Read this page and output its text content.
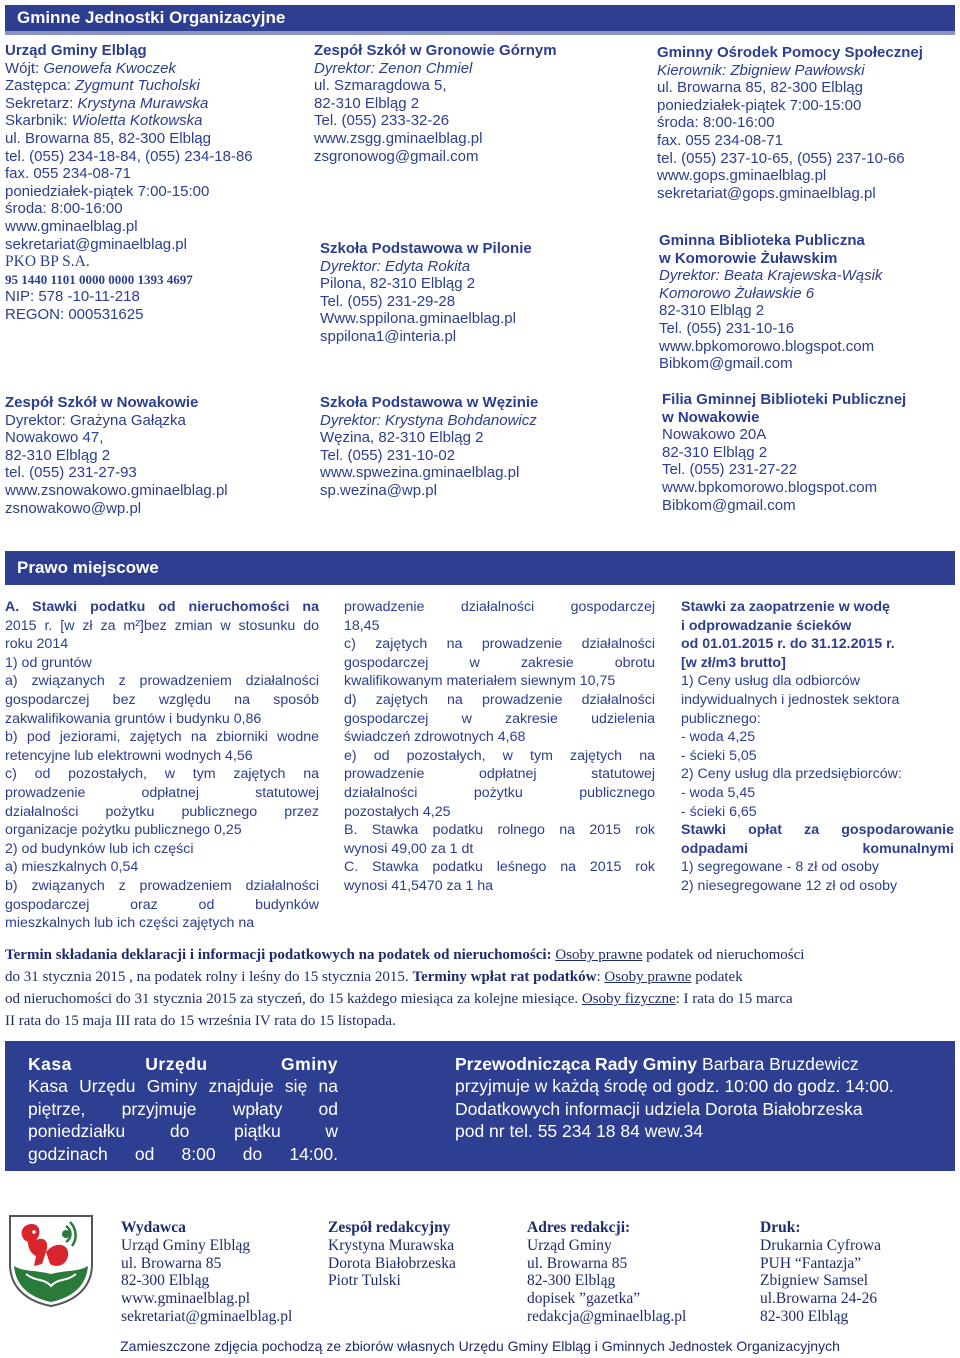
Gminne Jednostki Organizacyjne
Urząd Gminy Elbląg
Wójt: Genowefa Kwoczek
Zastępca: Zygmunt Tucholski
Sekretarz: Krystyna Murawska
Skarbnik: Wioletta Kotkowska
ul. Browarna 85, 82-300 Elbląg
tel. (055) 234-18-84, (055) 234-18-86
fax. 055 234-08-71
poniedziałek-piątek 7:00-15:00
środa: 8:00-16:00
www.gminaelblag.pl
sekretariat@gminaelblag.pl
PKO BP S.A.
95 1440 1101 0000 0000 1393 4697
NIP: 578 -10-11-218
REGON: 000531625
Zespół Szkół w Gronowie Górnym
Dyrektor: Zenon Chmiel
ul. Szmaragdowa 5,
82-310 Elbląg 2
Tel. (055) 233-32-26
www.zsgg.gminaelblag.pl
zsgronowog@gmail.com
Gminny Ośrodek Pomocy Społecznej
Kierownik: Zbigniew Pawłowski
ul. Browarna 85, 82-300 Elbląg
poniedziałek-piątek 7:00-15:00
środa: 8:00-16:00
fax. 055 234-08-71
tel. (055) 237-10-65, (055) 237-10-66
www.gops.gminaelblag.pl
sekretariat@gops.gminaelblag.pl
Szkoła Podstawowa w Pilonie
Dyrektor: Edyta Rokita
Pilona, 82-310 Elbląg 2
Tel. (055) 231-29-28
Www.sppilona.gminaelblag.pl
sppilona1@interia.pl
Gminna Biblioteka Publiczna
w Komorowie Żuławskim
Dyrektor: Beata Krajewska-Wąsik
Komorowo Żuławskie 6
82-310 Elbląg 2
Tel. (055) 231-10-16
www.bpkomorowo.blogspot.com
Bibkom@gmail.com
Zespół Szkół w Nowakowie
Dyrektor: Grażyna Gałązka
Nowakowo 47,
82-310 Elbląg 2
tel. (055) 231-27-93
www.zsnowakowo.gminaelblag.pl
zsnowakowo@wp.pl
Szkoła Podstawowa w Węzinie
Dyrektor: Krystyna Bohdanowicz
Węzina, 82-310 Elbląg 2
Tel. (055) 231-10-02
www.spwezina.gminaelblag.pl
sp.wezina@wp.pl
Filia Gminnej Biblioteki Publicznej
w Nowakowie
Nowakowo 20A
82-310 Elbląg 2
Tel. (055) 231-27-22
www.bpkomorowo.blogspot.com
Bibkom@gmail.com
Prawo miejscowe
A. Stawki podatku od nieruchomości na
2015 r. [w zł za m²]bez zmian w stosunku do
roku 2014
1) od gruntów
a) związanych z prowadzeniem działalności
gospodarczej bez względu na sposób
zakwalifikowania gruntów i budynku 0,86
b) pod jeziorami, zajętych na zbiorniki wodne
retencyjne lub elektrowni wodnych 4,56
c) od pozostałych, w tym zajętych na
prowadzenie odpłatnej statutowej
działalności pożytku publicznego przez
organizacje pożytku publicznego 0,25
2) od budynków lub ich części
a) mieszkalnych 0,54
b) związanych z prowadzeniem działalności
gospodarczej oraz od budynków
mieszkalnych lub ich części zajętych na
prowadzenie działalności gospodarczej
18,45
c) zajętych na prowadzenie działalności
gospodarczej w zakresie obrotu
kwalifikowanym materiałem siewnym 10,75
d) zajętych na prowadzenie działalności
gospodarczej w zakresie udzielenia
świadczeń zdrowotnych 4,68
e) od pozostałych, w tym zajętych na
prowadzenie odpłatnej statutowej
działalności pożytku publicznego
pozostałych 4,25
B. Stawka podatku rolnego na 2015 rok
wynosi 49,00 za 1 dt
C. Stawka podatku leśnego na 2015 rok
wynosi 41,5470 za 1 ha
Stawki za zaopatrzenie w wodę
i odprowadzanie ścieków
od 01.01.2015 r. do 31.12.2015 r.
[w zł/m3 brutto]
1) Ceny usług dla odbiorców
indywidualnych i jednostek sektora
publicznego:
- woda 4,25
- ścieki 5,05
2) Ceny usług dla przedsiębiorców:
- woda 5,45
- ścieki 6,65
Stawki opłat za gospodarowanie
odpadami komunalnymi
1) segregowane - 8 zł od osoby
2) niesegregowane 12 zł od osoby
Termin składania deklaracji i informacji podatkowych na podatek od nieruchomości: Osoby prawne podatek od nieruchomości
do 31 stycznia 2015 , na podatek rolny i leśny do 15 stycznia 2015. Terminy wpłat rat podatków: Osoby prawne podatek
od nieruchomości do 31 stycznia 2015 za styczeń, do 15 każdego miesiąca za kolejne miesiące. Osoby fizyczne: I rata do 15 marca
II rata do 15 maja III rata do 15 września IV rata do 15 listopada.
Kasa Urzędu Gminy
Kasa Urzędu Gminy znajduje się na
piętrze, przyjmuje wpłaty od
poniedziałku do piątku w
godzinach od 8:00 do 14:00.
Przewodnicząca Rady Gminy Barbara Bruzdewicz
przyjmuje w każdą środę od godz. 10:00 do godz. 14:00.
Dodatkowych informacji udziela Dorota Białobrzeska
pod nr tel. 55 234 18 84 wew.34
Wydawca
Urząd Gminy Elbląg
ul. Browarna 85
82-300 Elbląg
www.gminaelblag.pl
sekretariat@gminaelblag.pl
Zespół redakcyjny
Krystyna Murawska
Dorota Białobrzeska
Piotr Tulski
Adres redakcji:
Urząd Gminy
ul. Browarna 85
82-300 Elbląg
dopisek ”gazetka”
redakcja@gminaelblag.pl
Druk:
Drukarnia Cyfrowa
PUH “Fantazja”
Zbigniew Samsel
ul.Browarna 24-26
82-300 Elbląg
Zamieszczone zdjęcia pochodzą ze zbiorów własnych Urzędu Gminy Elbląg i Gminnych Jednostek Organizacyjnych
